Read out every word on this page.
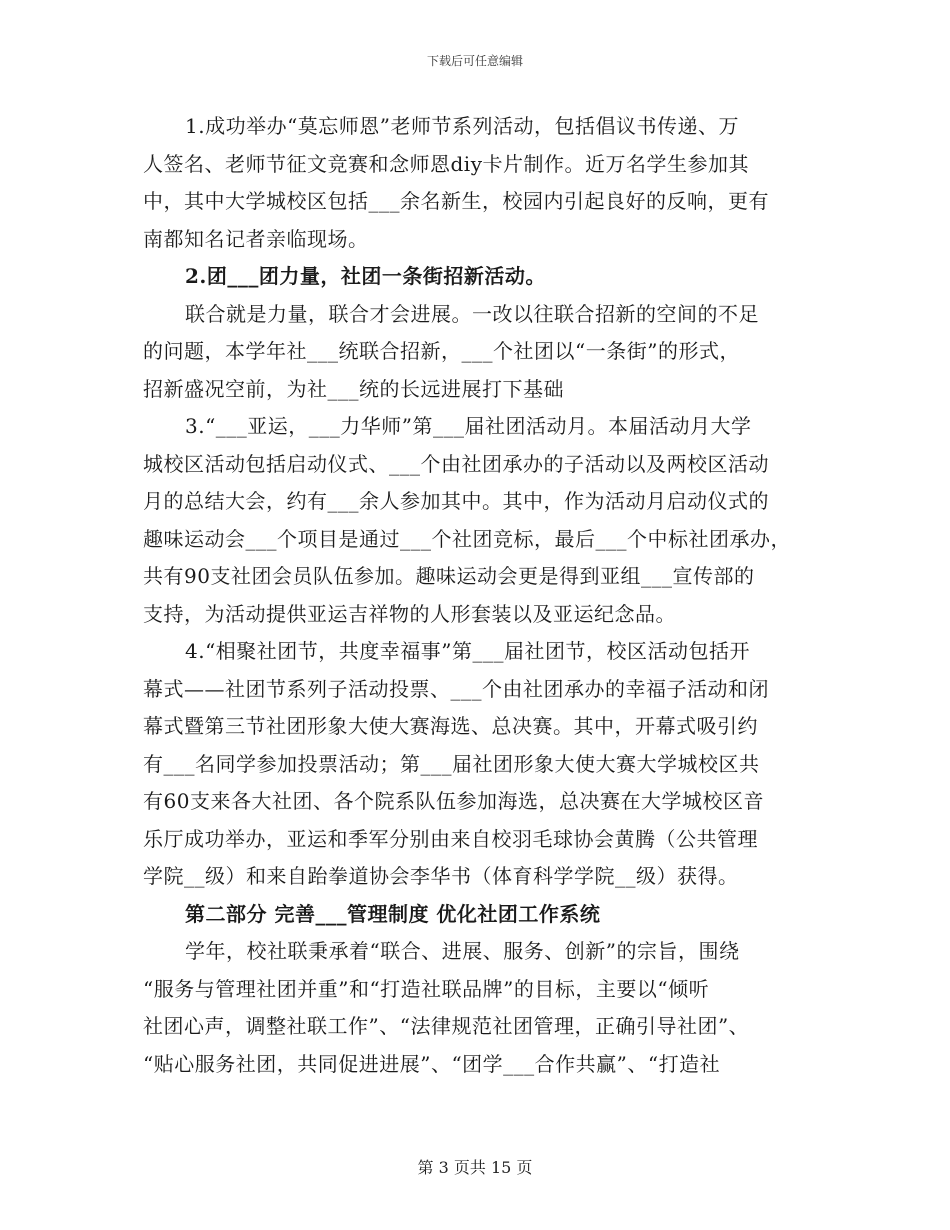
下载后可任意编辑
1.成功举办“莫忘师恩”老师节系列活动，包括倡议书传递、万
人签名、老师节征文竞赛和念师恩diy卡片制作。近万名学生参加其
中，其中大学城校区包括___余名新生，校园内引起良好的反响，更有
南都知名记者亲临现场。
2.团___团力量，社团一条街招新活动。
联合就是力量，联合才会进展。一改以往联合招新的空间的不足
的问题，本学年社___统联合招新，___个社团以“一条街”的形式，
招新盛况空前，为社___统的长远进展打下基础
3.“___亚运，___力华师”第___届社团活动月。本届活动月大学
城校区活动包括启动仪式、___个由社团承办的子活动以及两校区活动
月的总结大会，约有___余人参加其中。其中，作为活动月启动仪式的
趣味运动会___个项目是通过___个社团竞标，最后___个中标社团承办，
共有90支社团会员队伍参加。趣味运动会更是得到亚组___宣传部的
支持，为活动提供亚运吉祥物的人形套装以及亚运纪念品。
4.“相聚社团节，共度幸福事”第___届社团节，校区活动包括开
幕式——社团节系列子活动投票、___个由社团承办的幸福子活动和闭
幕式暨第三节社团形象大使大赛海选、总决赛。其中，开幕式吸引约
有___名同学参加投票活动；第___届社团形象大使大赛大学城校区共
有60支来各大社团、各个院系队伍参加海选，总决赛在大学城校区音
乐厅成功举办，亚运和季军分别由来自校羽毛球协会黄腾（公共管理
学院__级）和来自跆拳道协会李华书（体育科学学院__级）获得。
第二部分 完善___管理制度 优化社团工作系统
学年，校社联秉承着“联合、进展、服务、创新”的宗旨，围绕
“服务与管理社团并重”和“打造社联品牌”的目标，主要以“倾听
社团心声，调整社联工作”、“法律规范社团管理，正确引导社团”、
“贴心服务社团，共同促进进展”、“团学___合作共赢”、“打造社
第 3 页共 15 页
